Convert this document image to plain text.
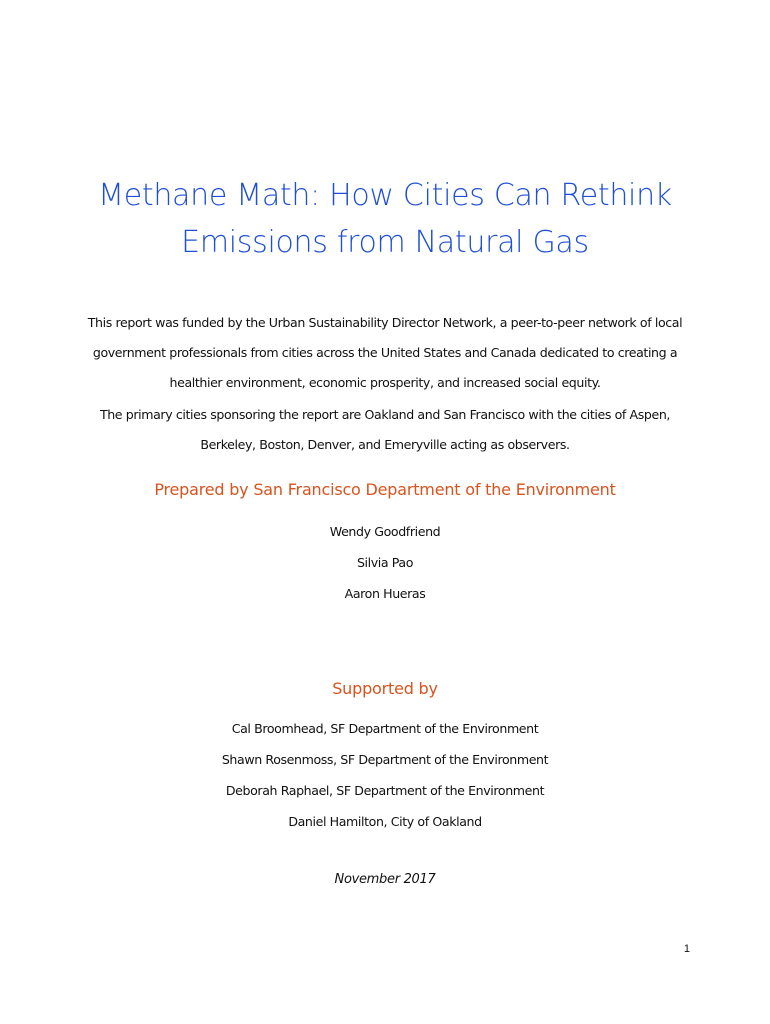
Methane Math: How Cities Can Rethink
Emissions from Natural Gas
This report was funded by the Urban Sustainability Director Network, a peer-to-peer network of local
government professionals from cities across the United States and Canada dedicated to creating a
healthier environment, economic prosperity, and increased social equity.
The primary cities sponsoring the report are Oakland and San Francisco with the cities of Aspen,
Berkeley, Boston, Denver, and Emeryville acting as observers.
Prepared by San Francisco Department of the Environment
Wendy Goodfriend
Silvia Pao
Aaron Hueras
Supported by
Cal Broomhead, SF Department of the Environment
Shawn Rosenmoss, SF Department of the Environment
Deborah Raphael, SF Department of the Environment
Daniel Hamilton, City of Oakland
November 2017
1
